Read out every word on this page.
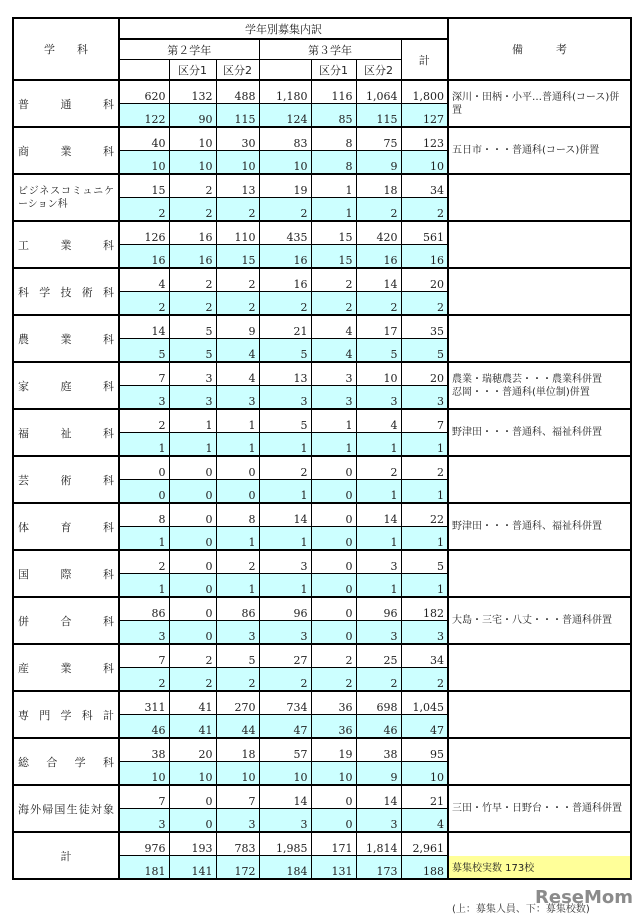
学　　科	学年別募集内訳							備　　　考
	第２学年			第３学年			計	
		区分1	区分2		区分1	区分2		
普通科	620	132	488	1,180	116	1,064	1,800	深川・田柄・小平…普通科(コース)併置
	122	90	115	124	85	115	127	
商業科	40	10	30	83	8	75	123	五日市・・・普通科(コース)併置
	10	10	10	10	8	9	10	
ビジネスコミュニケーション科	15	2	13	19	1	18	34	
	2	2	2	2	1	2	2	
工業科	126	16	110	435	15	420	561	
	16	16	15	16	15	16	16	
科学技術科	4	2	2	16	2	14	20	
	2	2	2	2	2	2	2	
農業科	14	5	9	21	4	17	35	
	5	5	4	5	4	5	5	
家庭科	7	3	4	13	3	10	20	農業・瑞穂農芸・・・農業科併置
忍岡・・・普通科(単位制)併置
	3	3	3	3	3	3	3	
福祉科	2	1	1	5	1	4	7	野津田・・・普通科、福祉科併置
	1	1	1	1	1	1	1	
芸術科	0	0	0	2	0	2	2	
	0	0	0	1	0	1	1	
体育科	8	0	8	14	0	14	22	野津田・・・普通科、福祉科併置
	1	0	1	1	0	1	1	
国際科	2	0	2	3	0	3	5	
	1	0	1	1	0	1	1	
併合科	86	0	86	96	0	96	182	大島・三宅・八丈・・・普通科併置
	3	0	3	3	0	3	3	
産業科	7	2	5	27	2	25	34	
	2	2	2	2	2	2	2	
専門学科計	311	41	270	734	36	698	1,045	
	46	41	44	47	36	46	47	
総合学科	38	20	18	57	19	38	95	
	10	10	10	10	10	9	10	
海外帰国生徒対象	7	0	7	14	0	14	21	三田・竹早・日野台・・・普通科併置
	3	0	3	3	0	3	4	
計	976	193	783	1,985	171	1,814	2,961	募集校実数 173校

	181	141	172	184	131	173	188	
(上：募集人員、下：募集校数)
ReseMom
